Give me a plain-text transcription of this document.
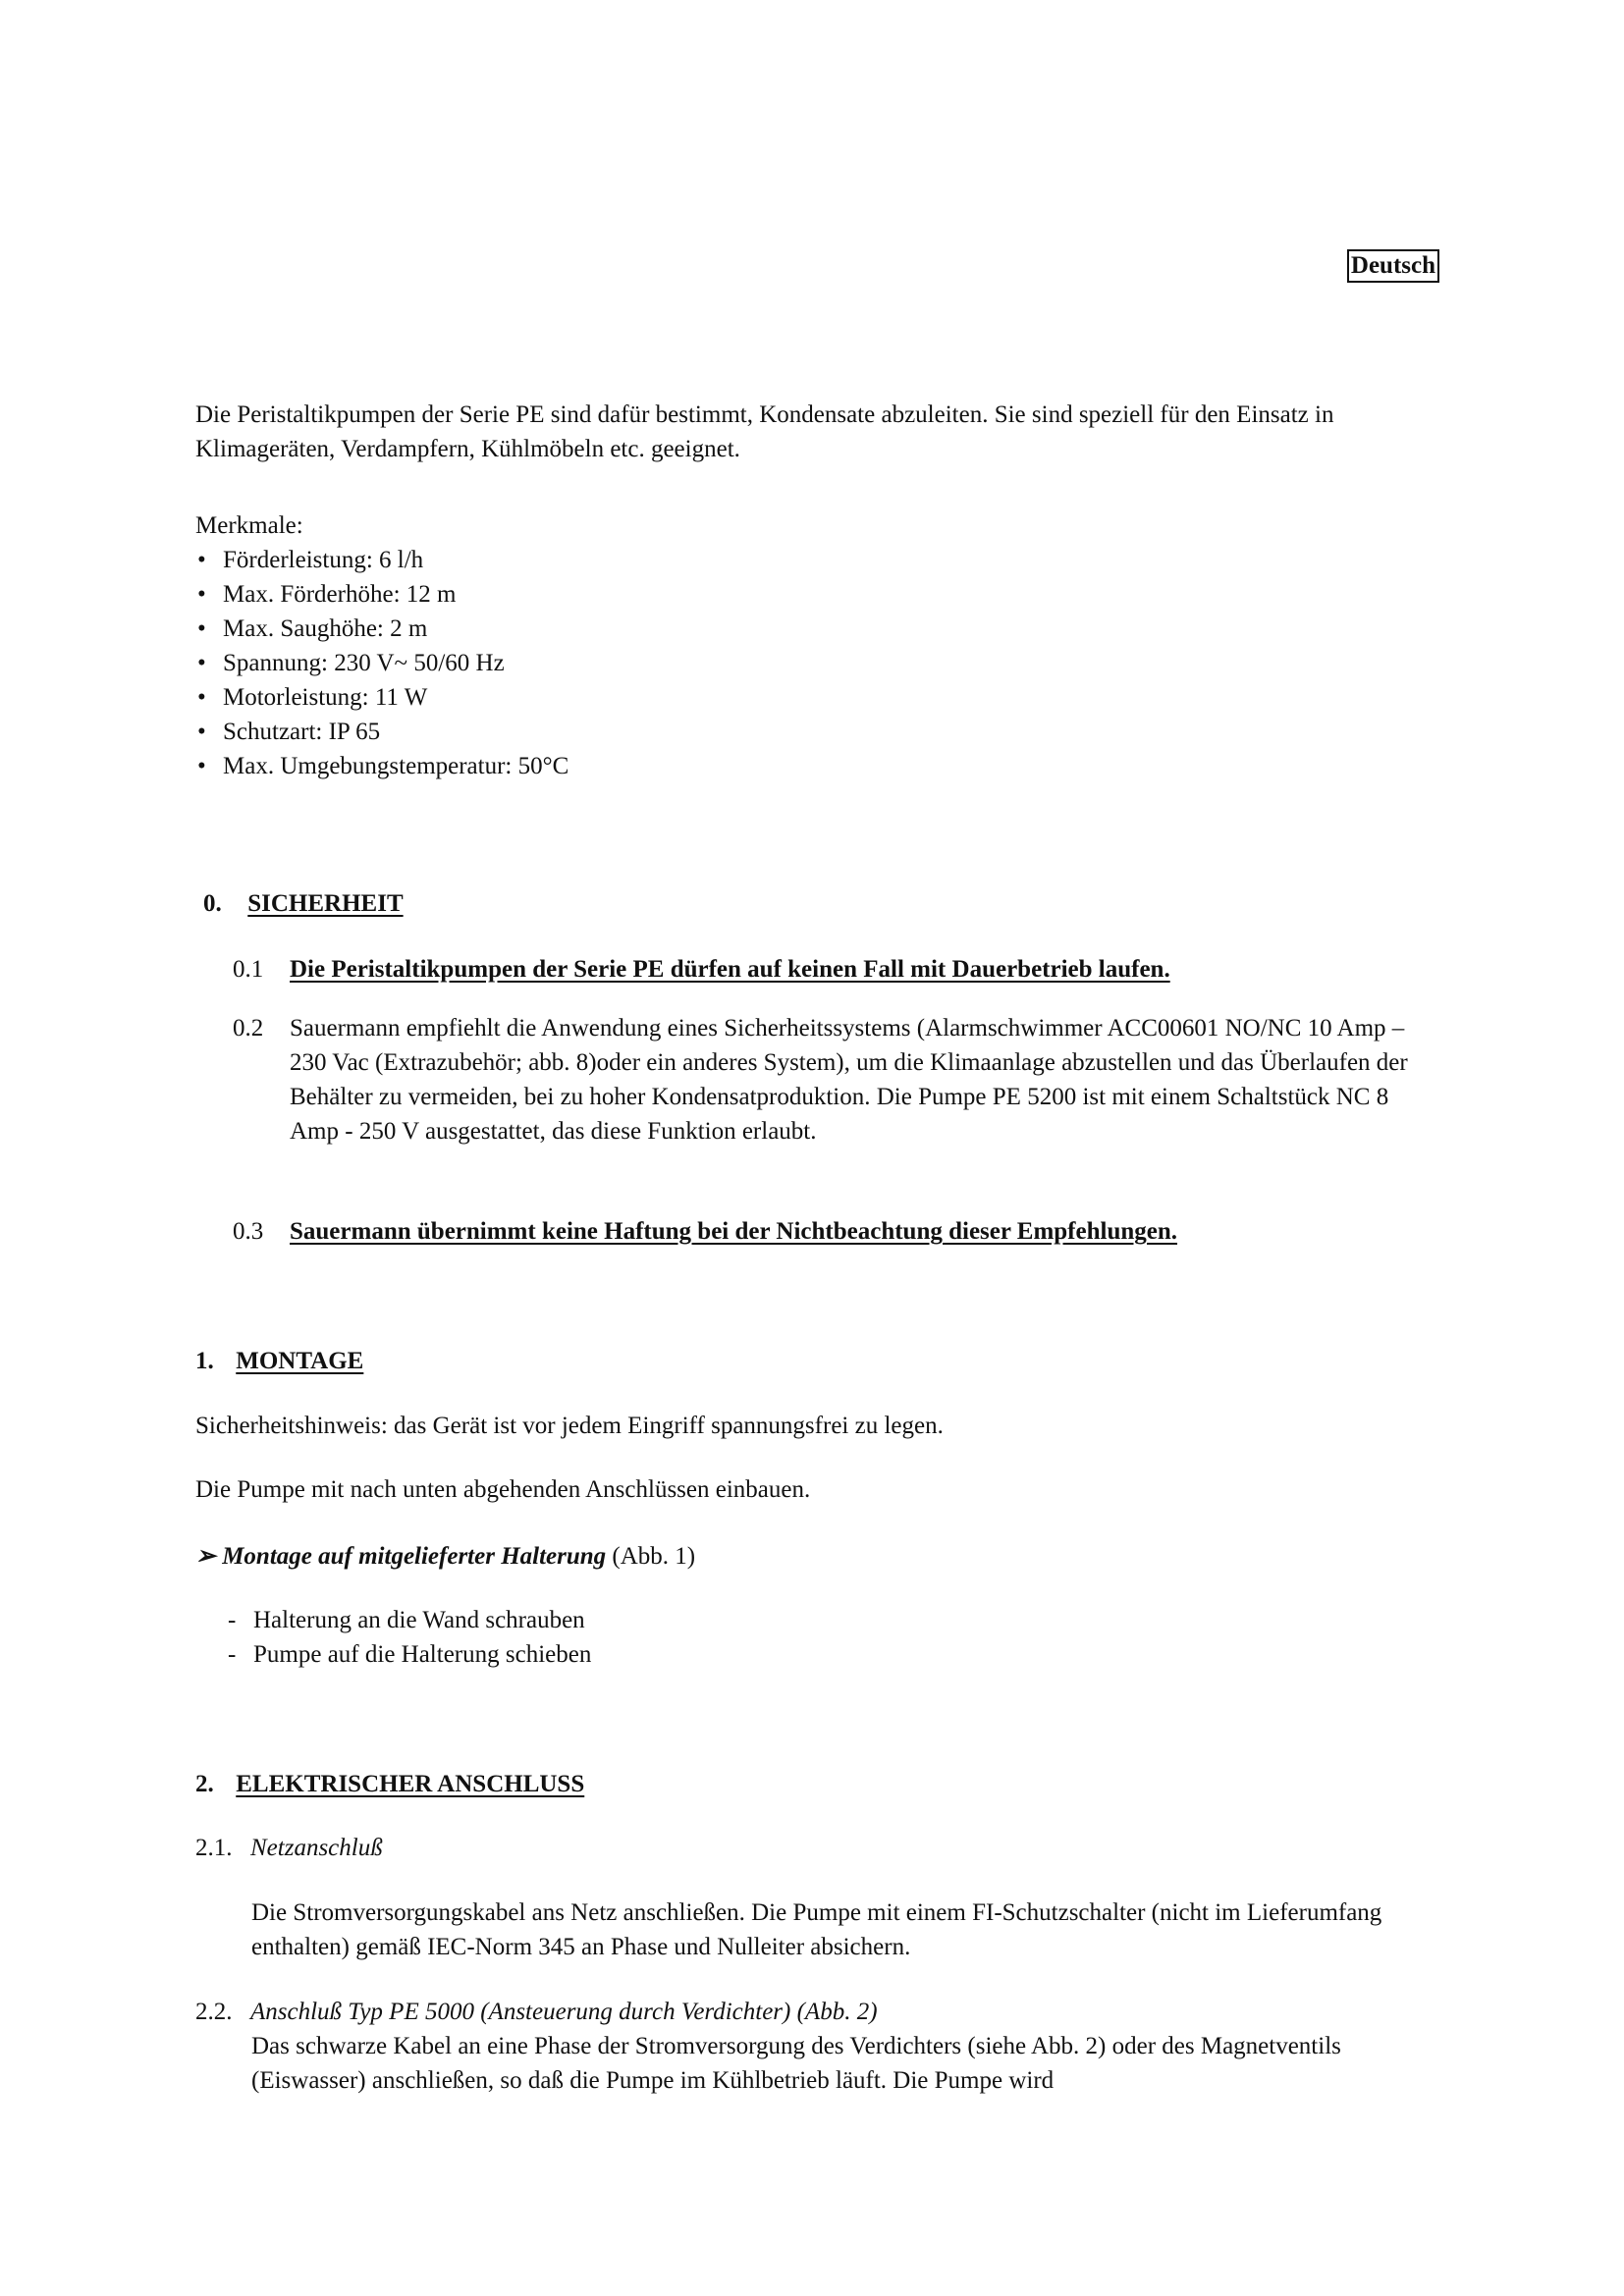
Deutsch

Die Peristaltikpumpen der Serie PE sind dafür bestimmt, Kondensate abzuleiten. Sie sind speziell für den Einsatz in Klimageräten, Verdampfern, Kühlmöbeln etc. geeignet.

Merkmale:
• Förderleistung: 6 l/h
• Max. Förderhöhe: 12 m
• Max. Saughöhe: 2 m
• Spannung: 230 V~ 50/60 Hz
• Motorleistung: 11 W
• Schutzart: IP 65
• Max. Umgebungstemperatur: 50°C
0. SICHERHEIT
0.1	Die Peristaltikpumpen der Serie PE dürfen auf keinen Fall mit Dauerbetrieb laufen.
0.2	Sauermann empfiehlt die Anwendung eines Sicherheitssystems (Alarmschwimmer ACC00601 NO/NC 10 Amp – 230 Vac (Extrazubehör; abb. 8)oder ein anderes System), um die Klimaanlage abzustellen und das Überlaufen der Behälter zu vermeiden, bei zu hoher Kondensatproduktion. Die Pumpe PE 5200 ist mit einem Schaltstück NC 8 Amp - 250 V ausgestattet, das diese Funktion erlaubt.
0.3	Sauermann übernimmt keine Haftung bei der Nichtbeachtung dieser Empfehlungen.
1. MONTAGE

Sicherheitshinweis: das Gerät ist vor jedem Eingriff spannungsfrei zu legen.

Die Pumpe mit nach unten abgehenden Anschlüssen einbauen.

➢ Montage auf mitgelieferter Halterung (Abb. 1)
- Halterung an die Wand schrauben
- Pumpe auf die Halterung schieben
2. ELEKTRISCHER ANSCHLUSS
2.1. Netzanschluß

Die Stromversorgungskabel ans Netz anschließen. Die Pumpe mit einem FI-Schutzschalter (nicht im Lieferumfang enthalten) gemäß IEC-Norm 345 an Phase und Nulleiter absichern.

2.2. Anschluß Typ PE 5000 (Ansteuerung durch Verdichter) (Abb. 2)

Das schwarze Kabel an eine Phase der Stromversorgung des Verdichters (siehe Abb. 2) oder des Magnetventils (Eiswasser) anschließen, so daß die Pumpe im Kühlbetrieb läuft. Die Pumpe wird
